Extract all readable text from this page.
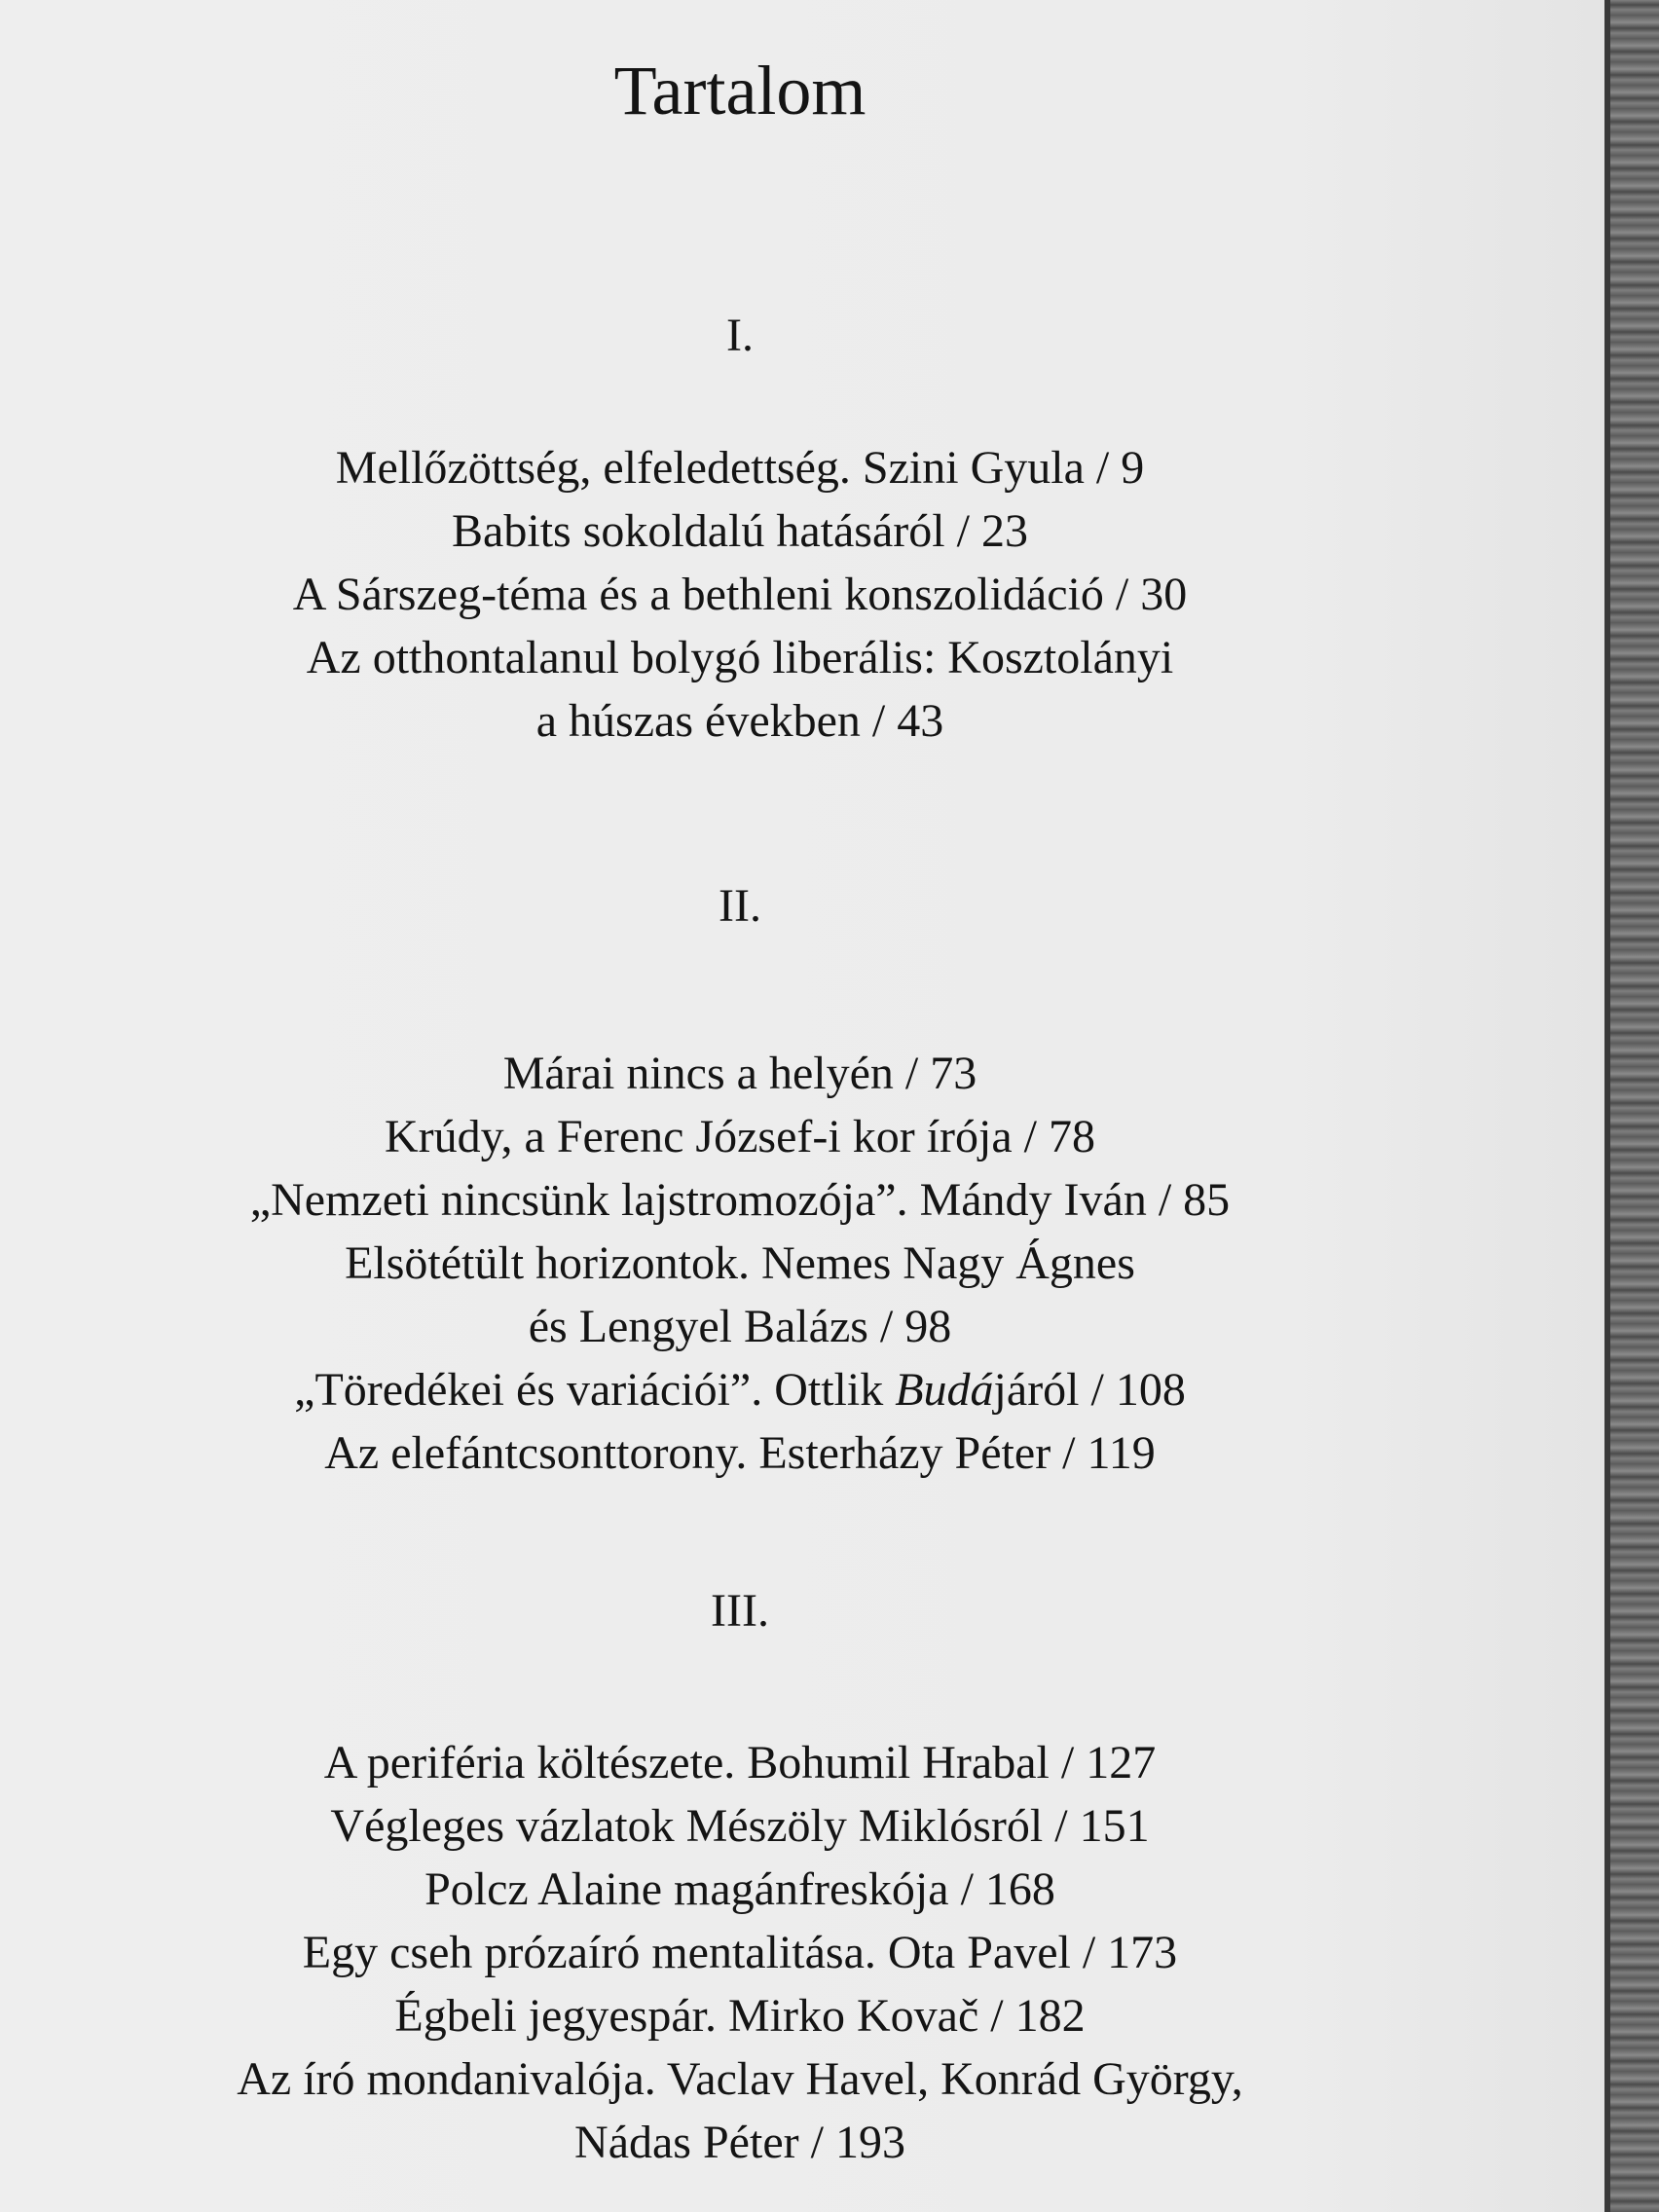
Tartalom
I.
Mellőzöttség, elfeledettség. Szini Gyula / 9
Babits sokoldalú hatásáról / 23
A Sárszeg-téma és a bethleni konszolidáció / 30
Az otthontalanul bolygó liberális: Kosztolányi
a húszas években / 43
II.
Márai nincs a helyén / 73
Krúdy, a Ferenc József-i kor írója / 78
„Nemzeti nincsünk lajstromozója”. Mándy Iván / 85
Elsötétült horizontok. Nemes Nagy Ágnes
és Lengyel Balázs / 98
„Töredékei és variációi”. Ottlik Budájáról / 108
Az elefántcsonttorony. Esterházy Péter / 119
III.
A periféria költészete. Bohumil Hrabal / 127
Végleges vázlatok Mészöly Miklósról / 151
Polcz Alaine magánfreskója / 168
Egy cseh prózaíró mentalitása. Ota Pavel / 173
Égbeli jegyespár. Mirko Kovač / 182
Az író mondanivalója. Vaclav Havel, Konrád György,
Nádas Péter / 193
